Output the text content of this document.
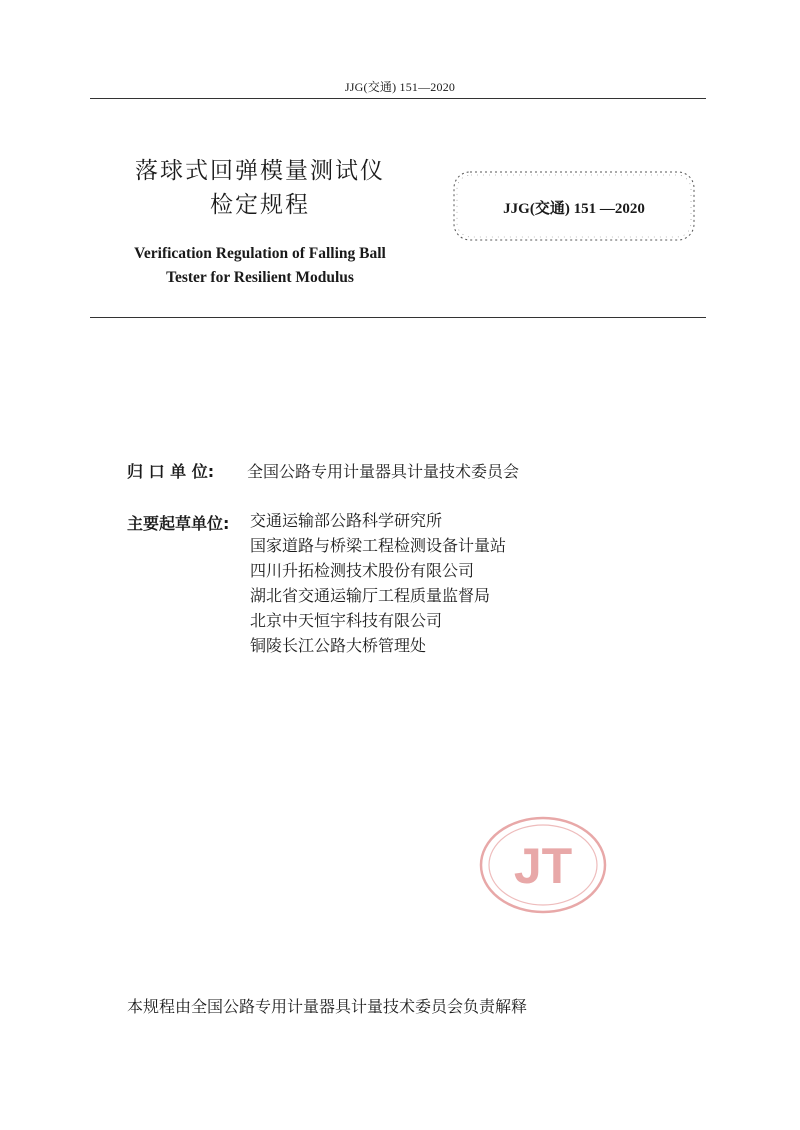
JJG(交通) 151—2020
落球式回弹模量测试仪
检定规程
Verification Regulation of Falling Ball
Tester for Resilient Modulus
JJG(交通) 151 —2020
归 口 单 位: 全国公路专用计量器具计量技术委员会
主要起草单位:	交通运输部公路科学研究所
国家道路与桥梁工程检测设备计量站
四川升拓检测技术股份有限公司
湖北省交通运输厅工程质量监督局
北京中天恒宇科技有限公司
铜陵长江公路大桥管理处
JT
本规程由全国公路专用计量器具计量技术委员会负责解释
